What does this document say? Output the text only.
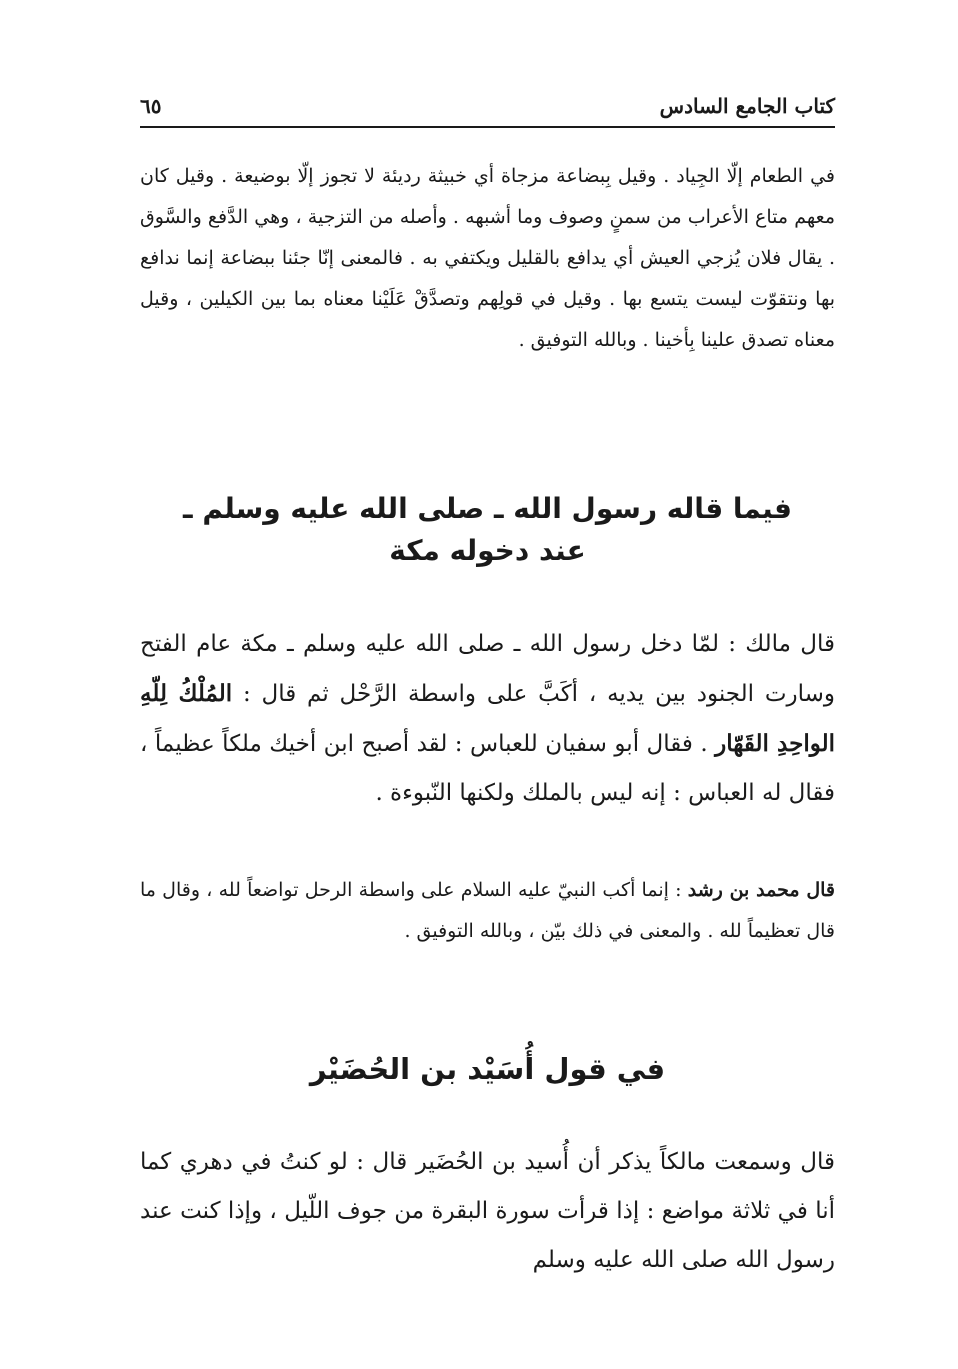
كتاب الجامع السادس
٦٥

في الطعام إلّا الجِياد . وقيل بِبضاعة مزجاة أي خبيثة رديئة لا تجوز إلّا بوضيعة . وقيل كان معهم متاع الأعراب من سمنٍ وصوف وما أشبهه . وأصله من التزجية ، وهي الدَّفع والسَّوق . يقال فلان يُزجي العيش أي يدافع بالقليل ويكتفي به . فالمعنى إنّا جئنا ببضاعة إنما ندافع بها ونتقوّت ليست يتسع بها . وقيل في قولِهم وتصدَّقْ عَلَيْنا معناه بما بين الكيلين ، وقيل معناه تصدق علينا بِأخينا . وبالله التوفيق .

فيما قاله رسول الله ـ صلى الله عليه وسلم ـ
عند دخوله مكة

قال مالك : لمّا دخل رسول الله ـ صلى الله عليه وسلم ـ مكة عام الفتح وسارت الجنود بين يديه ، أكَبَّ على واسطة الرَّحْل ثم قال : المُلْكُ لِلّهِ الواحِدِ القَهّار . فقال أبو سفيان للعباس : لقد أصبح ابن أخيك ملكاً عظيماً ، فقال له العباس : إنه ليس بالملك ولكنها النّبوءة .

قال محمد بن رشد : إنما أكب النبيّ عليه السلام على واسطة الرحل تواضعاً لله ، وقال ما قال تعظيماً لله . والمعنى في ذلك بيّن ، وبالله التوفيق .

في قول أُسَيْد بن الحُضَيْر

قال وسمعت مالكاً يذكر أن أُسيد بن الحُضَير قال : لو كنتُ في دهري كما أنا في ثلاثة مواضع : إذا قرأت سورة البقرة من جوف اللّيل ، وإذا كنت عند رسول الله صلى الله عليه وسلم
